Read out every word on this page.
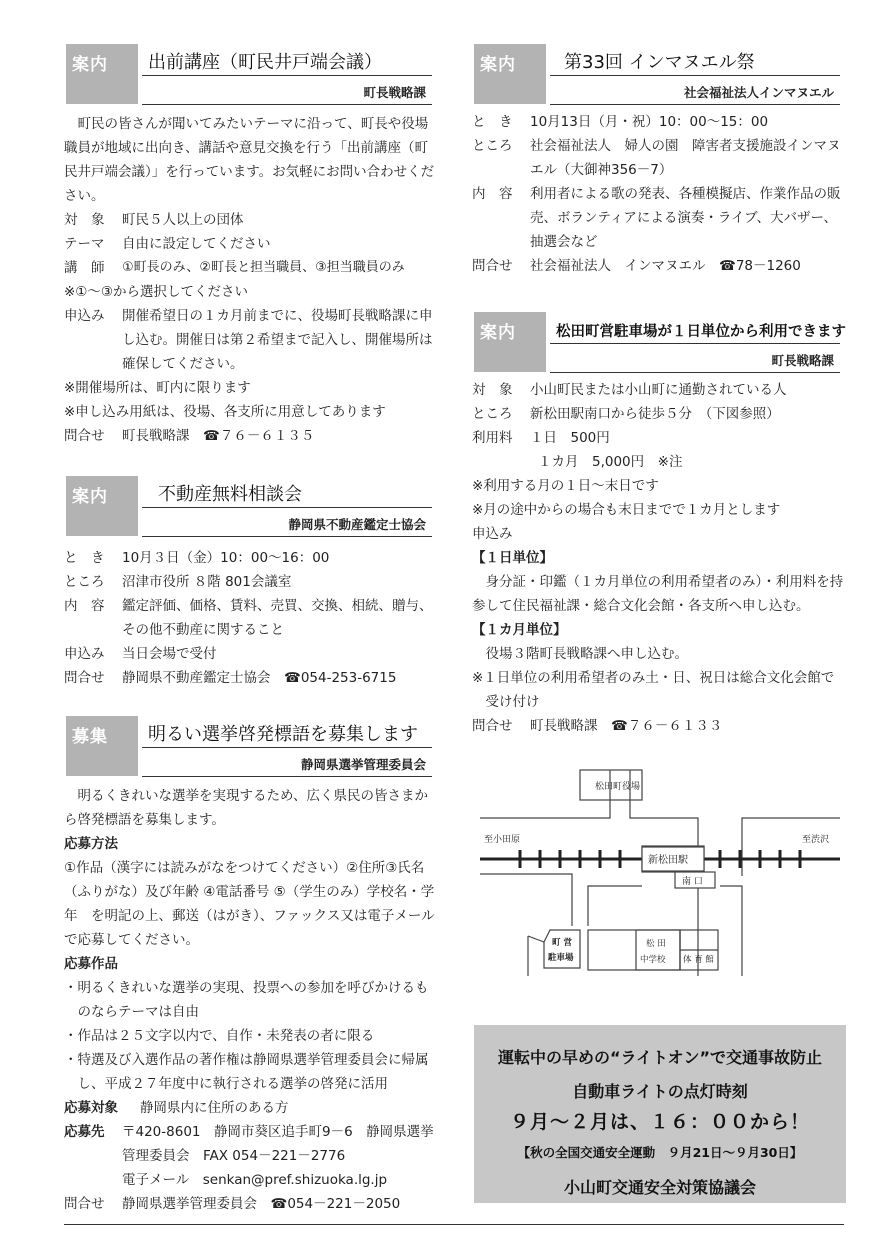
案内	出前講座（町民井戸端会議）
町長戦略課

町民の皆さんが聞いてみたいテーマに沿って、町長や役場職員が地域に出向き、講話や意見交換を行う「出前講座（町民井戸端会議）」を行っています。お気軽にお問い合わせください。

対　象	町民５人以上の団体
テーマ	自由に設定してください
講　師	①町長のみ、②町長と担当職員、③担当職員のみ

※①～③から選択してください

申込み	開催希望日の１カ月前までに、役場町長戦略課に申し込む。開催日は第２希望まで記入し、開催場所は確保してください。

※開催場所は、町内に限ります

※申し込み用紙は、役場、各支所に用意してあります

問合せ	町長戦略課　☎７６－６１３５
案内	不動産無料相談会
静岡県不動産鑑定士協会
と　き	10月３日（金）10：00～16：00
ところ	沼津市役所 ８階 801会議室
内　容	鑑定評価、価格、賃料、売買、交換、相続、贈与、その他不動産に関すること
申込み	当日会場で受付
問合せ	静岡県不動産鑑定士協会　☎054-253-6715
募集	明るい選挙啓発標語を募集します
静岡県選挙管理委員会

明るくきれいな選挙を実現するため、広く県民の皆さまから啓発標語を募集します。

応募方法

①作品（漢字には読みがなをつけてください）②住所③氏名（ふりがな）及び年齢 ④電話番号 ⑤（学生のみ）学校名・学年　を明記の上、郵送（はがき）、ファックス又は電子メールで応募してください。

応募作品

・明るくきれいな選挙の実現、投票への参加を呼びかけるものならテーマは自由

・作品は２５文字以内で、自作・未発表の者に限る

・特選及び入選作品の著作権は静岡県選挙管理委員会に帰属し、平成２７年度中に執行される選挙の啓発に活用

応募対象	静岡県内に住所のある方
応募先	〒420-8601　静岡市葵区追手町9－6　静岡県選挙管理委員会　FAX 054－221－2776
電子メール　senkan@pref.shizuoka.lg.jp
問合せ	静岡県選挙管理委員会　☎054－221－2050
案内	第33回 インマヌエル祭
社会福祉法人インマヌエル
と　き	10月13日（月・祝）10：00～15：00
ところ	社会福祉法人　婦人の園　障害者支援施設インマヌエル（大御神356－7）
内　容	利用者による歌の発表、各種模擬店、作業作品の販売、ボランティアによる演奏・ライブ、大バザー、抽選会など
問合せ	社会福祉法人　インマヌエル　☎78－1260
案内	松田町営駐車場が１日単位から利用できます
町長戦略課
対　象	小山町民または小山町に通勤されている人
ところ	新松田駅南口から徒歩５分　（下図参照）
利用料	１日　500円

１カ月　5,000円　※注

※利用する月の１日～末日です

※月の途中からの場合も末日までで１カ月とします

申込み

【１日単位】

身分証・印鑑（１カ月単位の利用希望者のみ）・利用料を持参して住民福祉課・総合文化会館・各支所へ申し込む。

【１カ月単位】

役場３階町長戦略課へ申し込む。

※１日単位の利用希望者のみ土・日、祝日は総合文化会館で受け付け

問合せ	町長戦略課　☎７６－６１３３
松田町役場
至小田原	至渋沢
新松田駅
南 口
町 営
駐車場
松 田
中学校 体 育 館
運転中の早めの“ライトオン”で交通事故防止
自動車ライトの点灯時刻
９月～２月は、１６：００から！
【秋の全国交通安全運動　９月21日～９月30日】
小山町交通安全対策協議会
